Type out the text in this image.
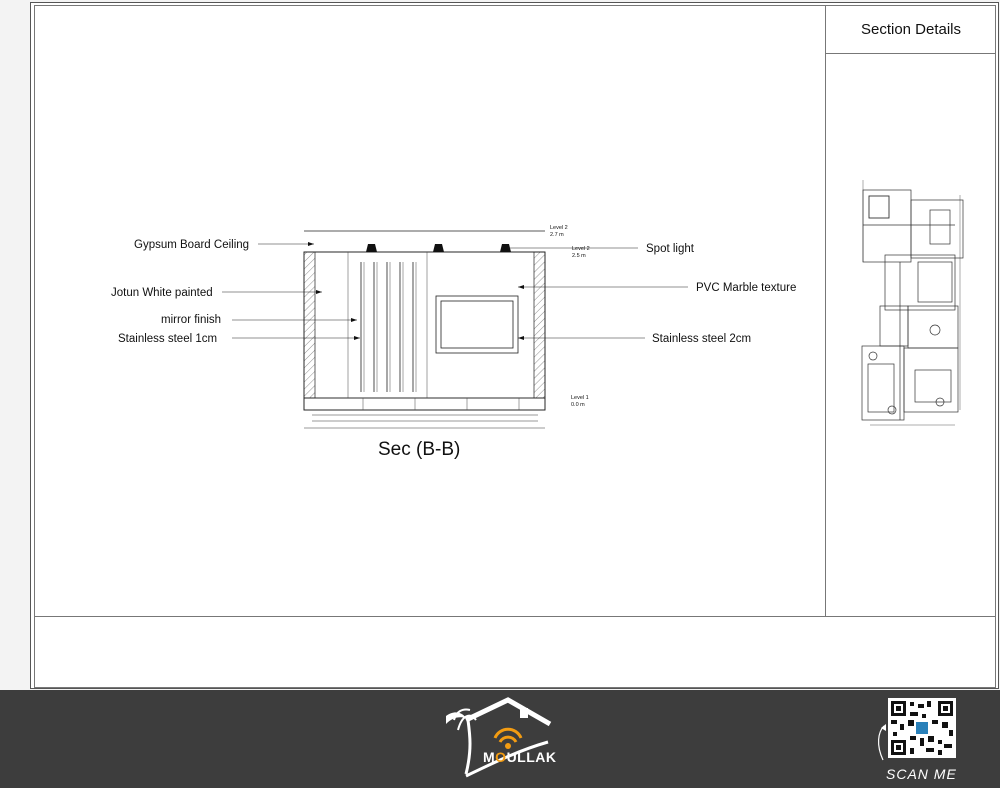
Section Details
Gypsum Board Ceiling
Jotun White painted
mirror finish
Stainless steel 1cm
Spot light
PVC Marble texture
Stainless steel 2cm
Level 2
2.7 m
Level 2
2.5 m
Level 1
0.0 m
Sec (B-B)
MOULLAK
SCAN ME
